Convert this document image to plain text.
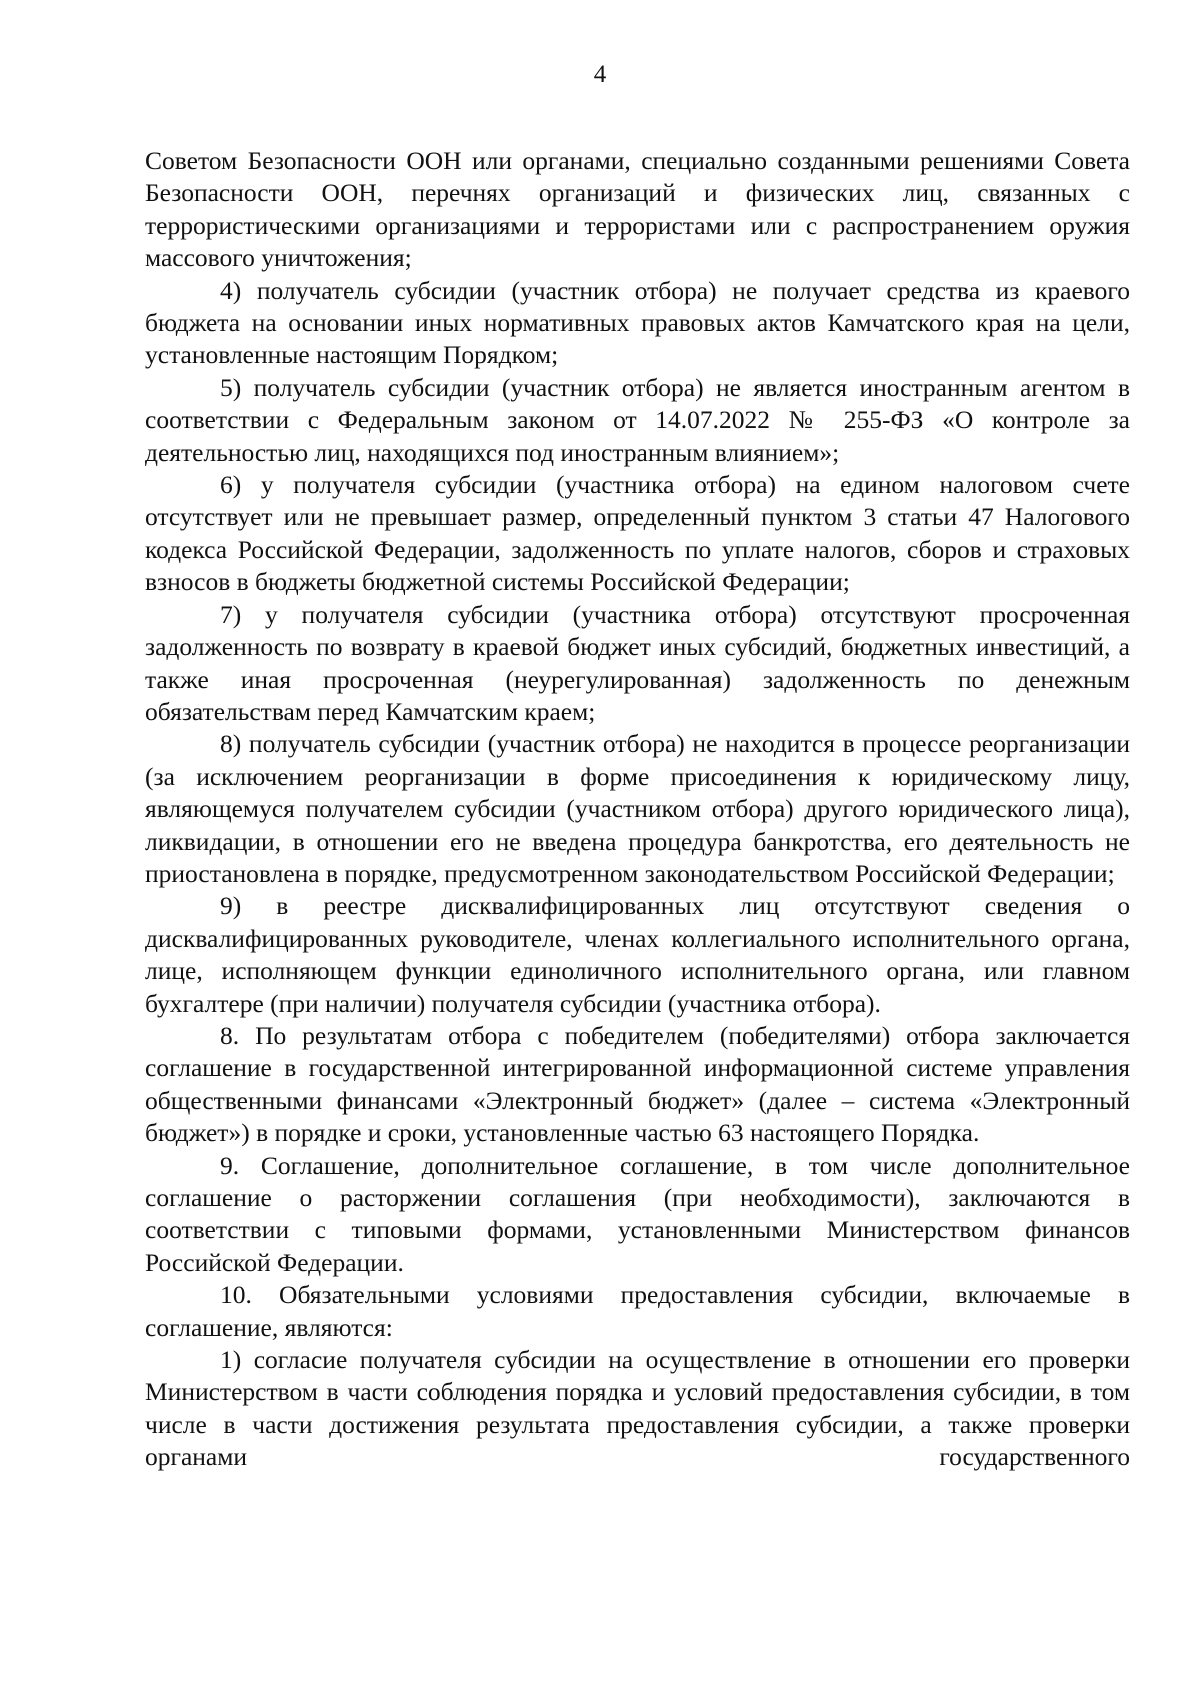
4

Советом Безопасности ООН или органами, специально созданными решениями Совета Безопасности ООН, перечнях организаций и физических лиц, связанных с террористическими организациями и террористами или с распространением оружия массового уничтожения;

4) получатель субсидии (участник отбора) не получает средства из краевого бюджета на основании иных нормативных правовых актов Камчатского края на цели, установленные настоящим Порядком;

5) получатель субсидии (участник отбора) не является иностранным агентом в соответствии с Федеральным законом от 14.07.2022 № 255-ФЗ «О контроле за деятельностью лиц, находящихся под иностранным влиянием»;

6) у получателя субсидии (участника отбора) на едином налоговом счете отсутствует или не превышает размер, определенный пунктом 3 статьи 47 Налогового кодекса Российской Федерации, задолженность по уплате налогов, сборов и страховых взносов в бюджеты бюджетной системы Российской Федерации;

7) у получателя субсидии (участника отбора) отсутствуют просроченная задолженность по возврату в краевой бюджет иных субсидий, бюджетных инвестиций, а также иная просроченная (неурегулированная) задолженность по денежным обязательствам перед Камчатским краем;

8) получатель субсидии (участник отбора) не находится в процессе реорганизации (за исключением реорганизации в форме присоединения к юридическому лицу, являющемуся получателем субсидии (участником отбора) другого юридического лица), ликвидации, в отношении его не введена процедура банкротства, его деятельность не приостановлена в порядке, предусмотренном законодательством Российской Федерации;

9) в реестре дисквалифицированных лиц отсутствуют сведения о дисквалифицированных руководителе, членах коллегиального исполнительного органа, лице, исполняющем функции единоличного исполнительного органа, или главном бухгалтере (при наличии) получателя субсидии (участника отбора).

8. По результатам отбора с победителем (победителями) отбора заключается соглашение в государственной интегрированной информационной системе управления общественными финансами «Электронный бюджет» (далее – система «Электронный бюджет») в порядке и сроки, установленные частью 63 настоящего Порядка.

9. Соглашение, дополнительное соглашение, в том числе дополнительное соглашение о расторжении соглашения (при необходимости), заключаются в соответствии с типовыми формами, установленными Министерством финансов Российской Федерации.

10. Обязательными условиями предоставления субсидии, включаемые в соглашение, являются:

1) согласие получателя субсидии на осуществление в отношении его проверки Министерством в части соблюдения порядка и условий предоставления субсидии, в том числе в части достижения результата предоставления субсидии, а также проверки органами государственного
